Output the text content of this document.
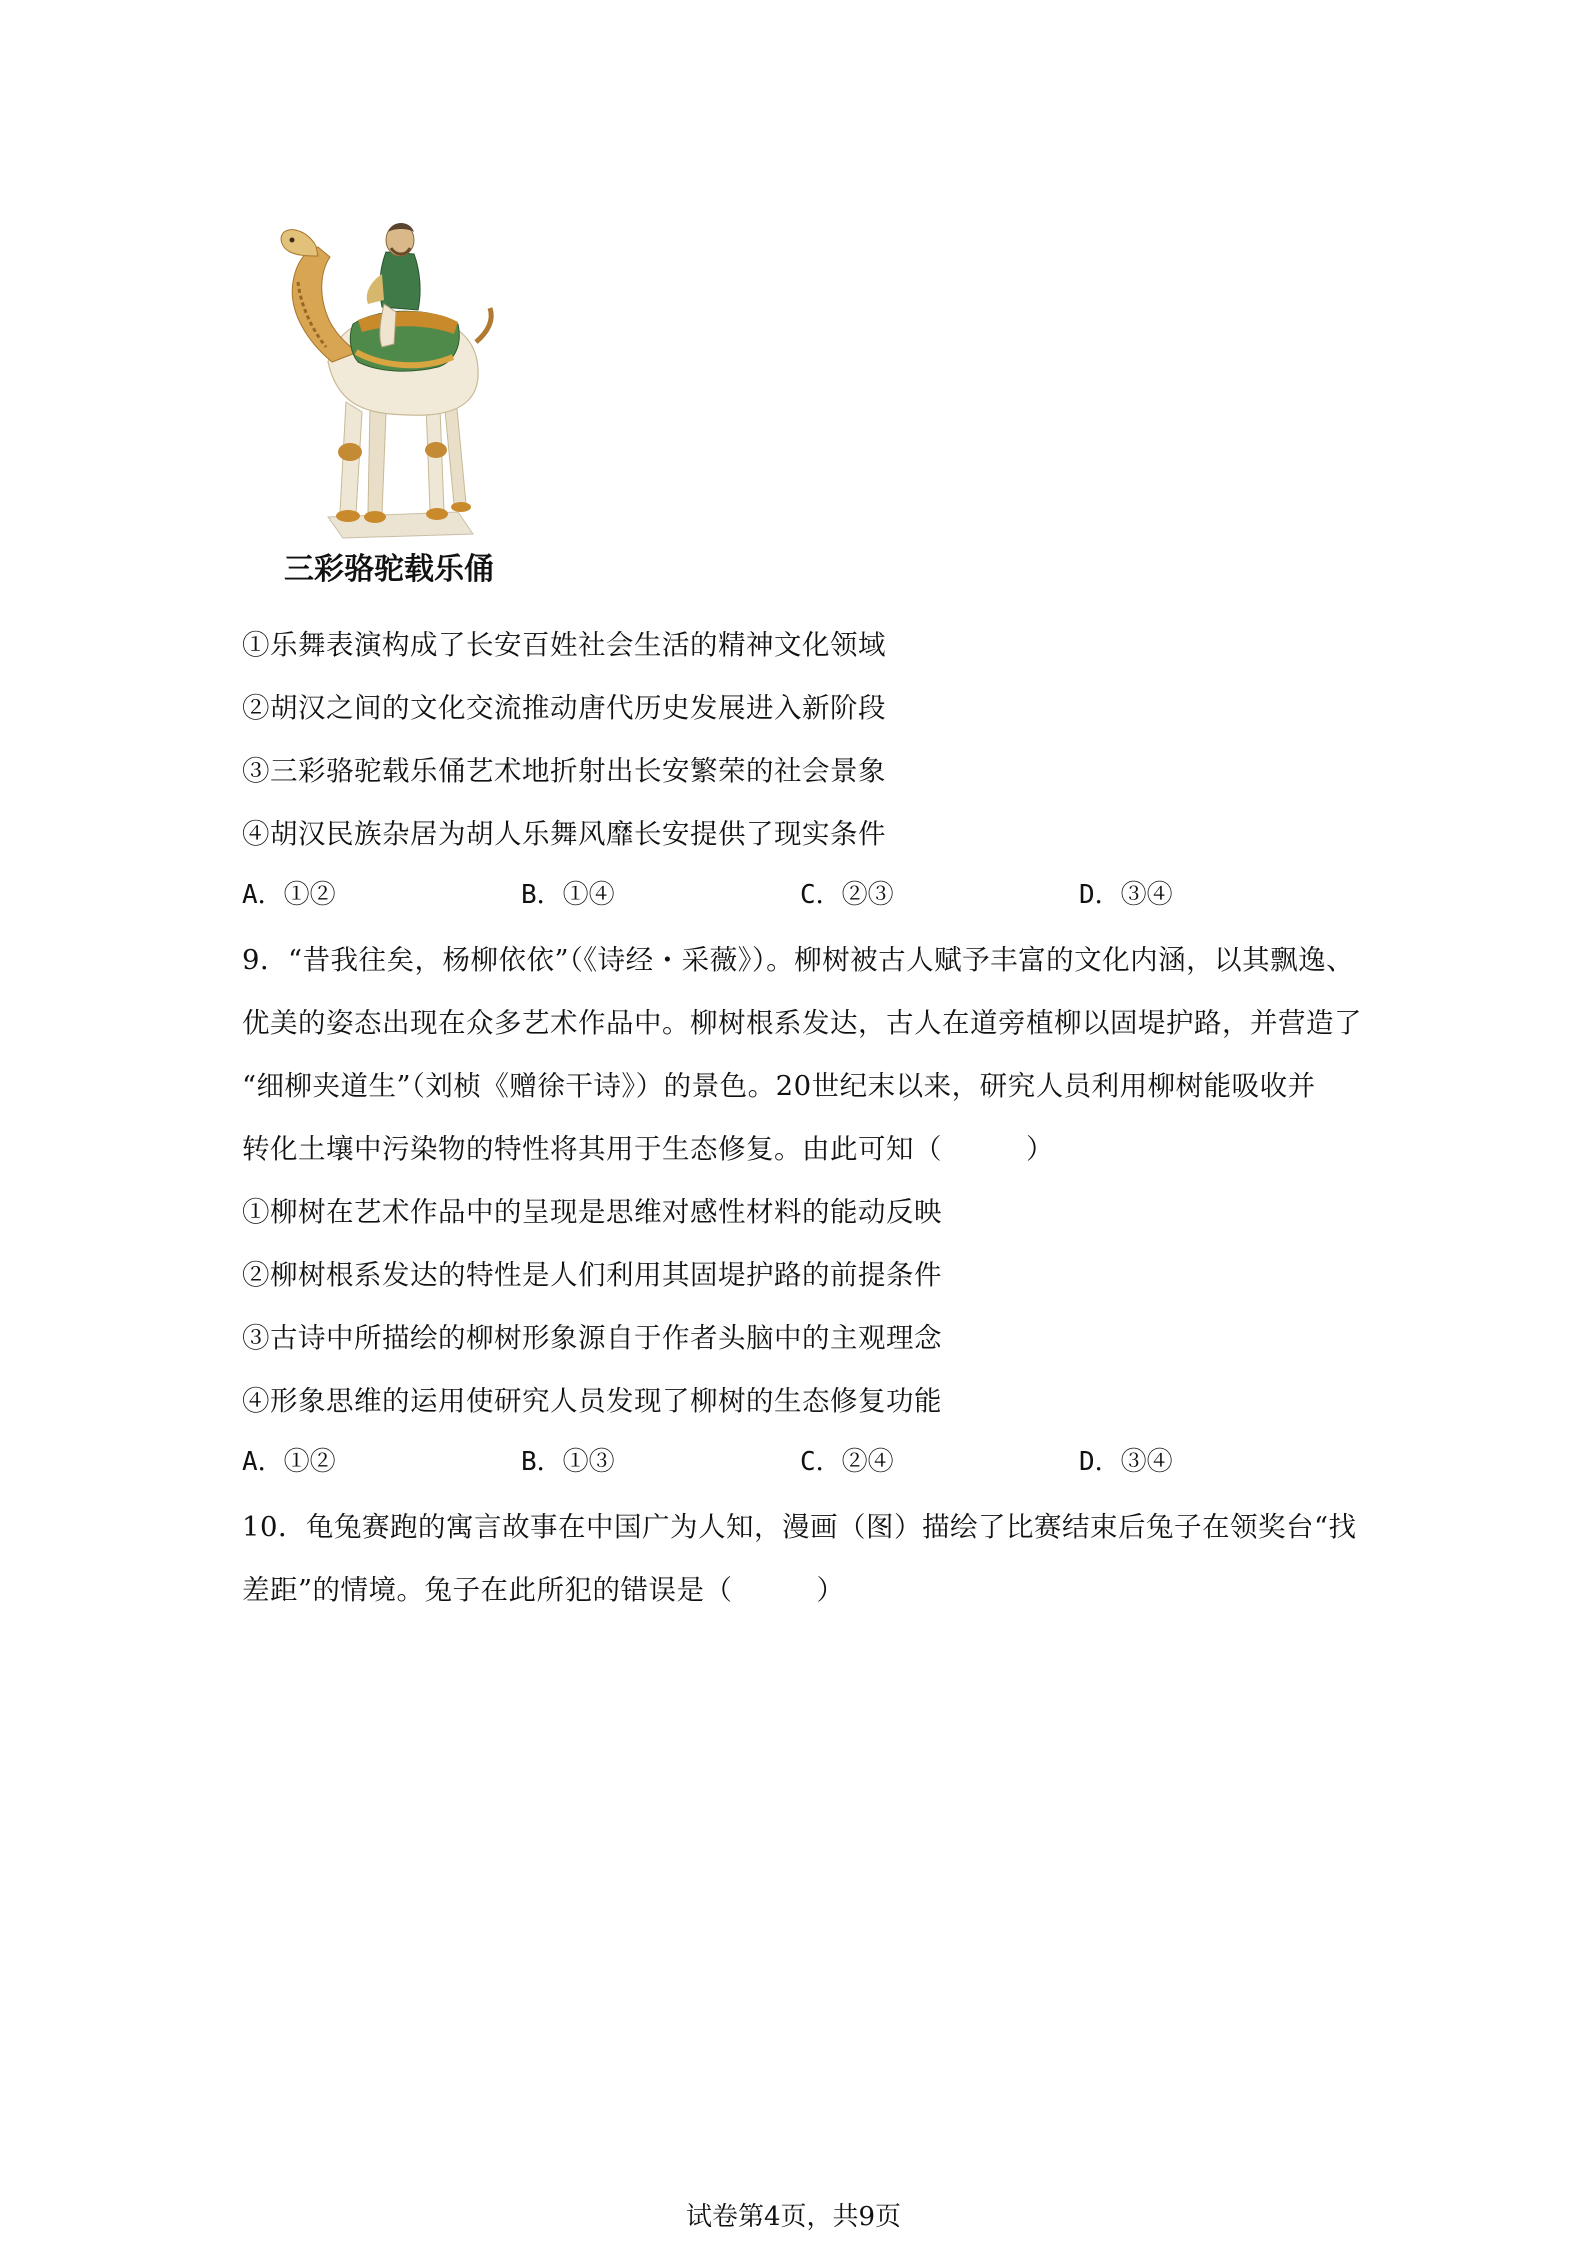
三彩骆驼载乐俑
①乐舞表演构成了长安百姓社会生活的精神文化领域
②胡汉之间的文化交流推动唐代历史发展进入新阶段
③三彩骆驼载乐俑艺术地折射出长安繁荣的社会景象
④胡汉民族杂居为胡人乐舞风靡长安提供了现实条件
A．①②	B．①④	C．②③	D．③④
9．“昔我往矣，杨柳依依”（《诗经・采薇》）。柳树被古人赋予丰富的文化内涵，以其飘逸、
优美的姿态出现在众多艺术作品中。柳树根系发达，古人在道旁植柳以固堤护路，并营造了
“细柳夹道生”（刘桢《赠徐干诗》）的景色。20世纪末以来，研究人员利用柳树能吸收并
转化土壤中污染物的特性将其用于生态修复。由此可知（　　　）
①柳树在艺术作品中的呈现是思维对感性材料的能动反映
②柳树根系发达的特性是人们利用其固堤护路的前提条件
③古诗中所描绘的柳树形象源自于作者头脑中的主观理念
④形象思维的运用使研究人员发现了柳树的生态修复功能
A．①②	B．①③	C．②④	D．③④
10．龟兔赛跑的寓言故事在中国广为人知，漫画（图）描绘了比赛结束后兔子在领奖台“找
差距”的情境。兔子在此所犯的错误是（　　　）
试卷第4页，共9页
